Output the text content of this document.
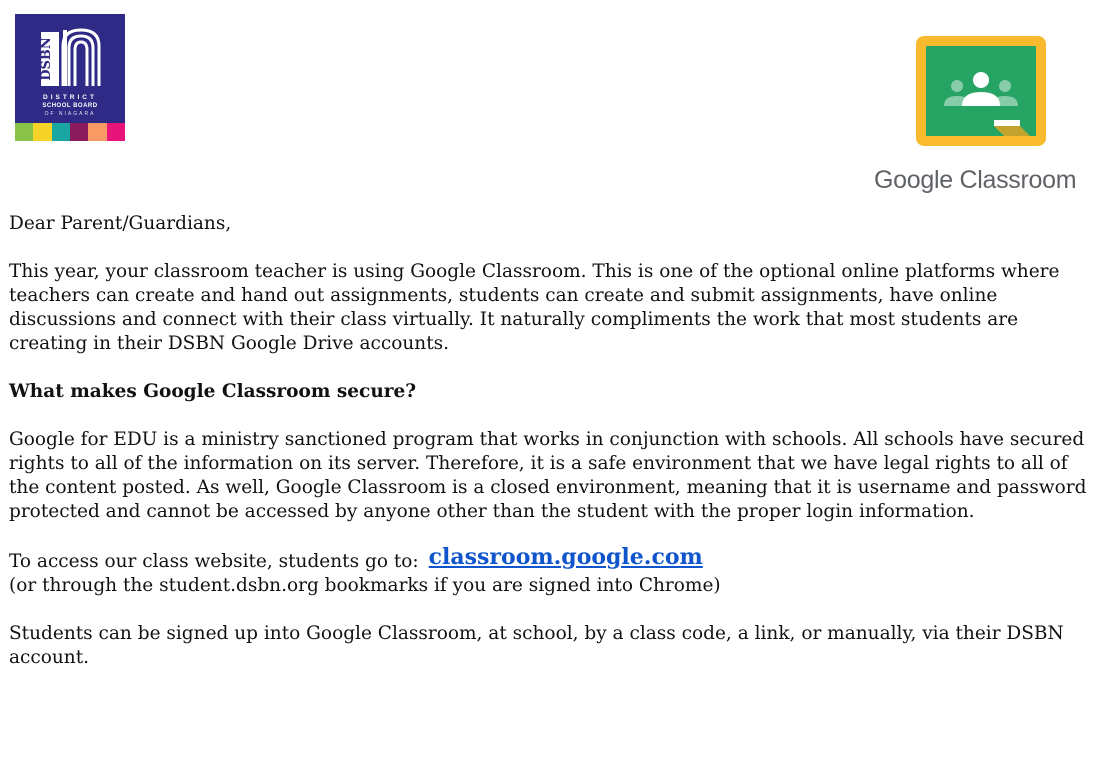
DSBN
DISTRICT
SCHOOL BOARD
OF NIAGARA
Google Classroom

Dear Parent/Guardians,

This year, your classroom teacher is using Google Classroom. This is one of the optional online platforms where teachers can create and hand out assignments, students can create and submit assignments, have online discussions and connect with their class virtually. It naturally compliments the work that most students are creating in their DSBN Google Drive accounts.

What makes Google Classroom secure?

Google for EDU is a ministry sanctioned program that works in conjunction with schools. All schools have secured rights to all of the information on its server. Therefore, it is a safe environment that we have legal rights to all of the content posted. As well, Google Classroom is a closed environment, meaning that it is username and password protected and cannot be accessed by anyone other than the student with the proper login information.

To access our class website, students go to: classroom.google.com

(or through the student.dsbn.org bookmarks if you are signed into Chrome)

Students can be signed up into Google Classroom, at school, by a class code, a link, or manually, via their DSBN account.
